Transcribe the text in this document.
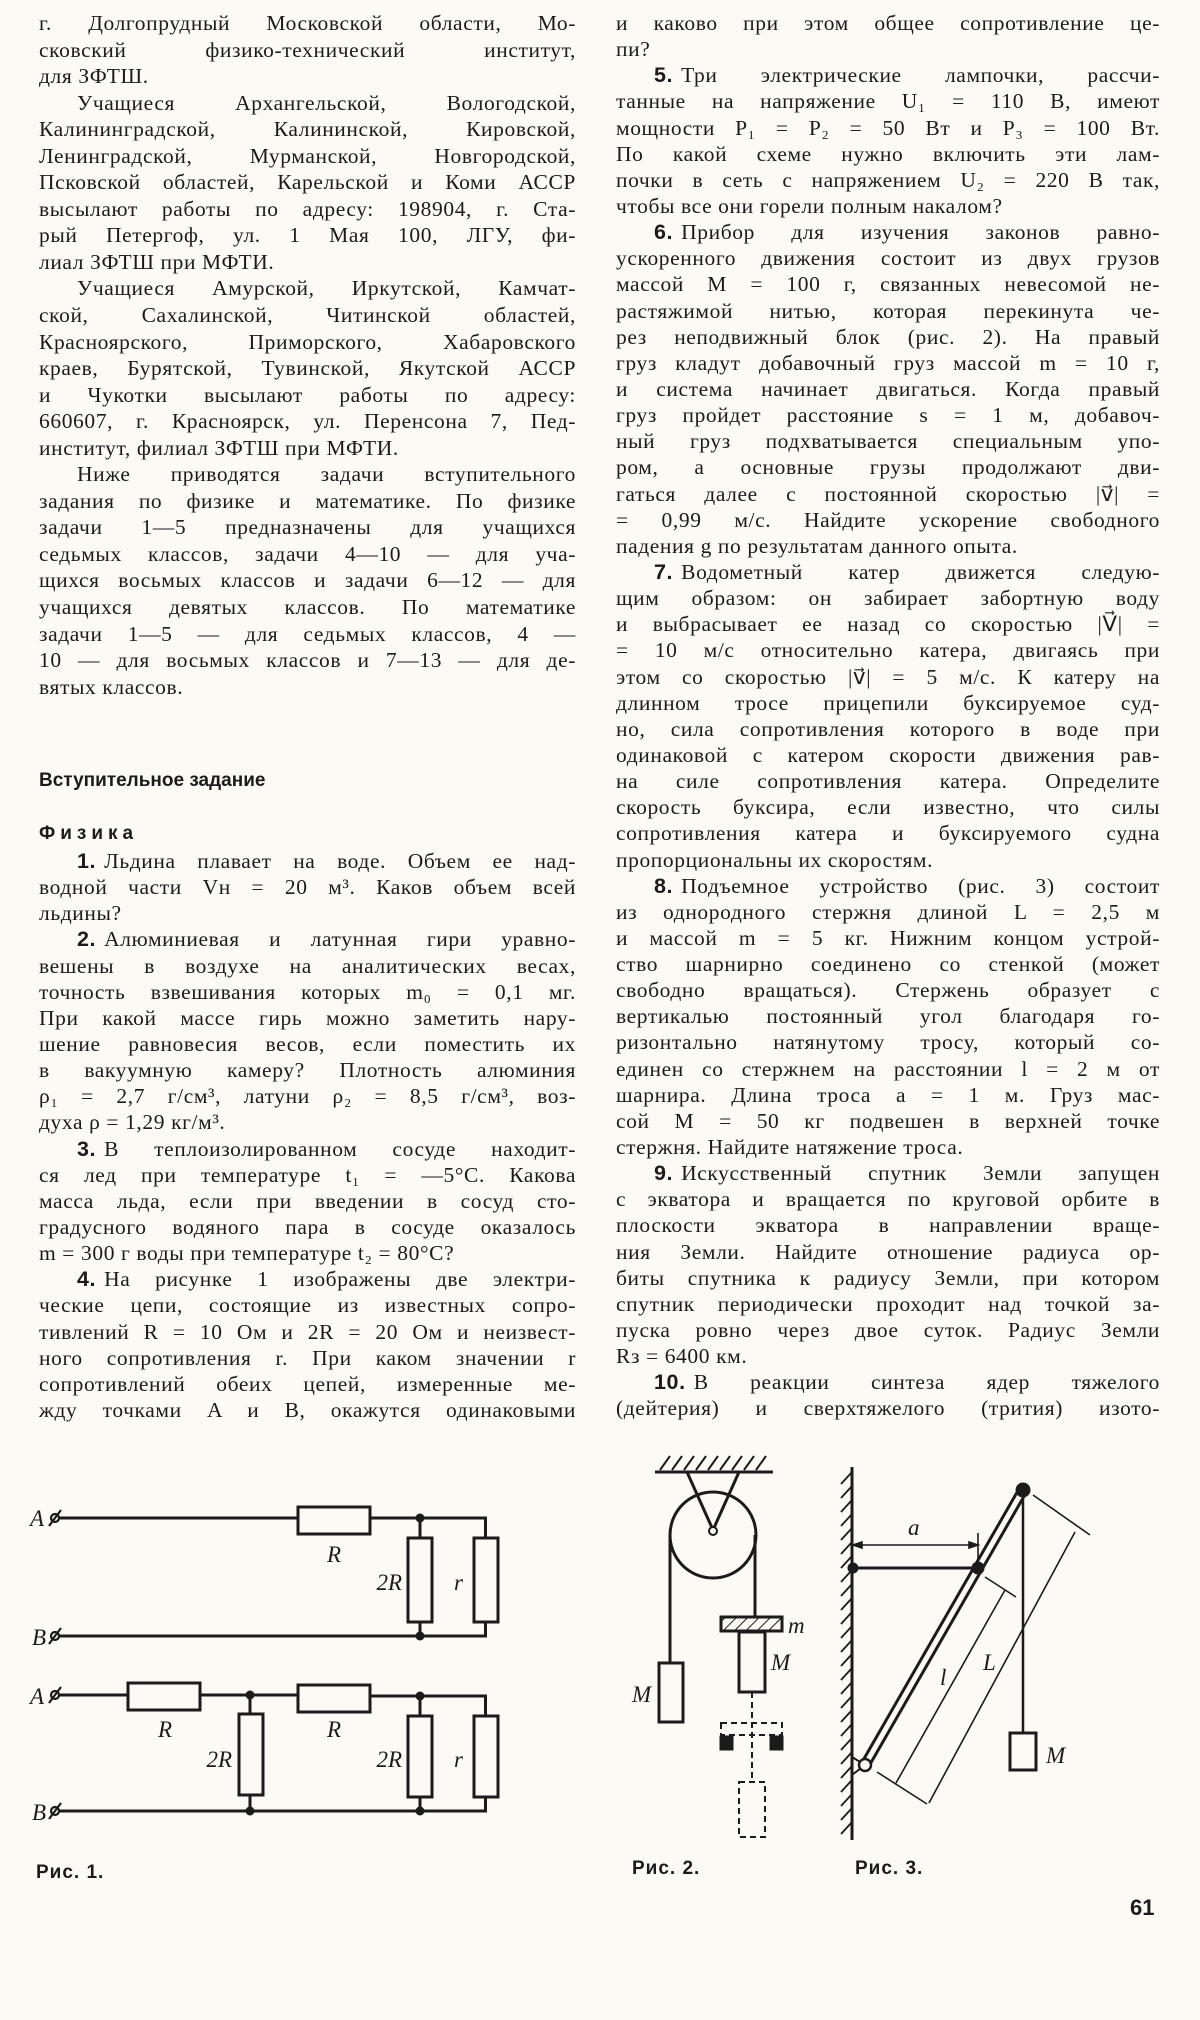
г. Долгопрудный Московской области, Мо-
сковский физико-технический институт,
для ЗФТШ.
Учащиеся Архангельской, Вологодской,
Калининградской, Калининской, Кировской,
Ленинградской, Мурманской, Новгородской,
Псковской областей, Карельской и Коми АССР
высылают работы по адресу: 198904, г. Ста-
рый Петергоф, ул. 1 Мая 100, ЛГУ, фи-
лиал ЗФТШ при МФТИ.
Учащиеся Амурской, Иркутской, Камчат-
ской, Сахалинской, Читинской областей,
Красноярского, Приморского, Хабаровского
краев, Бурятской, Тувинской, Якутской АССР
и Чукотки высылают работы по адресу:
660607, г. Красноярск, ул. Перенсона 7, Пед-
институт, филиал ЗФТШ при МФТИ.
Ниже приводятся задачи вступительного
задания по физике и математике. По физике
задачи 1—5 предназначены для учащихся
седьмых классов, задачи 4—10 — для уча-
щихся восьмых классов и задачи 6—12 — для
учащихся девятых классов. По математике
задачи 1—5 — для седьмых классов, 4 —
10 — для восьмых классов и 7—13 — для де-
вятых классов.
Вступительное задание
Физика
1. Льдина плавает на воде. Объем ее над-
водной части Vн = 20 м³. Каков объем всей
льдины?
2. Алюминиевая и латунная гири уравно-
вешены в воздухе на аналитических весах,
точность взвешивания которых m₀ = 0,1 мг.
При какой массе гирь можно заметить нару-
шение равновесия весов, если поместить их
в вакуумную камеру? Плотность алюминия
ρ₁ = 2,7 г/см³, латуни ρ₂ = 8,5 г/см³, воз-
духа ρ = 1,29 кг/м³.
3. В теплоизолированном сосуде находит-
ся лед при температуре t₁ = —5°С. Какова
масса льда, если при введении в сосуд сто-
градусного водяного пара в сосуде оказалось
m = 300 г воды при температуре t₂ = 80°С?
4. На рисунке 1 изображены две электри-
ческие цепи, состоящие из известных сопро-
тивлений R = 10 Ом и 2R = 20 Ом и неизвест-
ного сопротивления r. При каком значении r
сопротивлений обеих цепей, измеренные ме-
жду точками A и B, окажутся одинаковыми
и каково при этом общее сопротивление це-
пи?
5. Три электрические лампочки, рассчи-
танные на напряжение U₁ = 110 В, имеют
мощности P₁ = P₂ = 50 Вт и P₃ = 100 Вт.
По какой схеме нужно включить эти лам-
почки в сеть с напряжением U₂ = 220 В так,
чтобы все они горели полным накалом?
6. Прибор для изучения законов равно-
ускоренного движения состоит из двух грузов
массой M = 100 г, связанных невесомой не-
растяжимой нитью, которая перекинута че-
рез неподвижный блок (рис. 2). На правый
груз кладут добавочный груз массой m = 10 г,
и система начинает двигаться. Когда правый
груз пройдет расстояние s = 1 м, добавоч-
ный груз подхватывается специальным упо-
ром, а основные грузы продолжают дви-
гаться далее с постоянной скоростью |v⃗| =
= 0,99 м/с. Найдите ускорение свободного
падения g по результатам данного опыта.
7. Водометный катер движется следую-
щим образом: он забирает забортную воду
и выбрасывает ее назад со скоростью |V⃗| =
= 10 м/с относительно катера, двигаясь при
этом со скоростью |v⃗| = 5 м/с. К катеру на
длинном тросе прицепили буксируемое суд-
но, сила сопротивления которого в воде при
одинаковой с катером скорости движения рав-
на силе сопротивления катера. Определите
скорость буксира, если известно, что силы
сопротивления катера и буксируемого судна
пропорциональны их скоростям.
8. Подъемное устройство (рис. 3) состоит
из однородного стержня длиной L = 2,5 м
и массой m = 5 кг. Нижним концом устрой-
ство шарнирно соединено со стенкой (может
свободно вращаться). Стержень образует с
вертикалью постоянный угол благодаря го-
ризонтально натянутому тросу, который со-
единен со стержнем на расстоянии l = 2 м от
шарнира. Длина троса a = 1 м. Груз мас-
сой M = 50 кг подвешен в верхней точке
стержня. Найдите натяжение троса.
9. Искусственный спутник Земли запущен
с экватора и вращается по круговой орбите в
плоскости экватора в направлении враще-
ния Земли. Найдите отношение радиуса ор-
биты спутника к радиусу Земли, при котором
спутник периодически проходит над точкой за-
пуска ровно через двое суток. Радиус Земли
Rз = 6400 км.
10. В реакции синтеза ядер тяжелого
(дейтерия) и сверхтяжелого (трития) изото-
A
B
A
B
R
2R r
R
2R
R
2R r
Рис. 1.
M
m
M
Рис. 2.
a
l
L
M
Рис. 3.
61
